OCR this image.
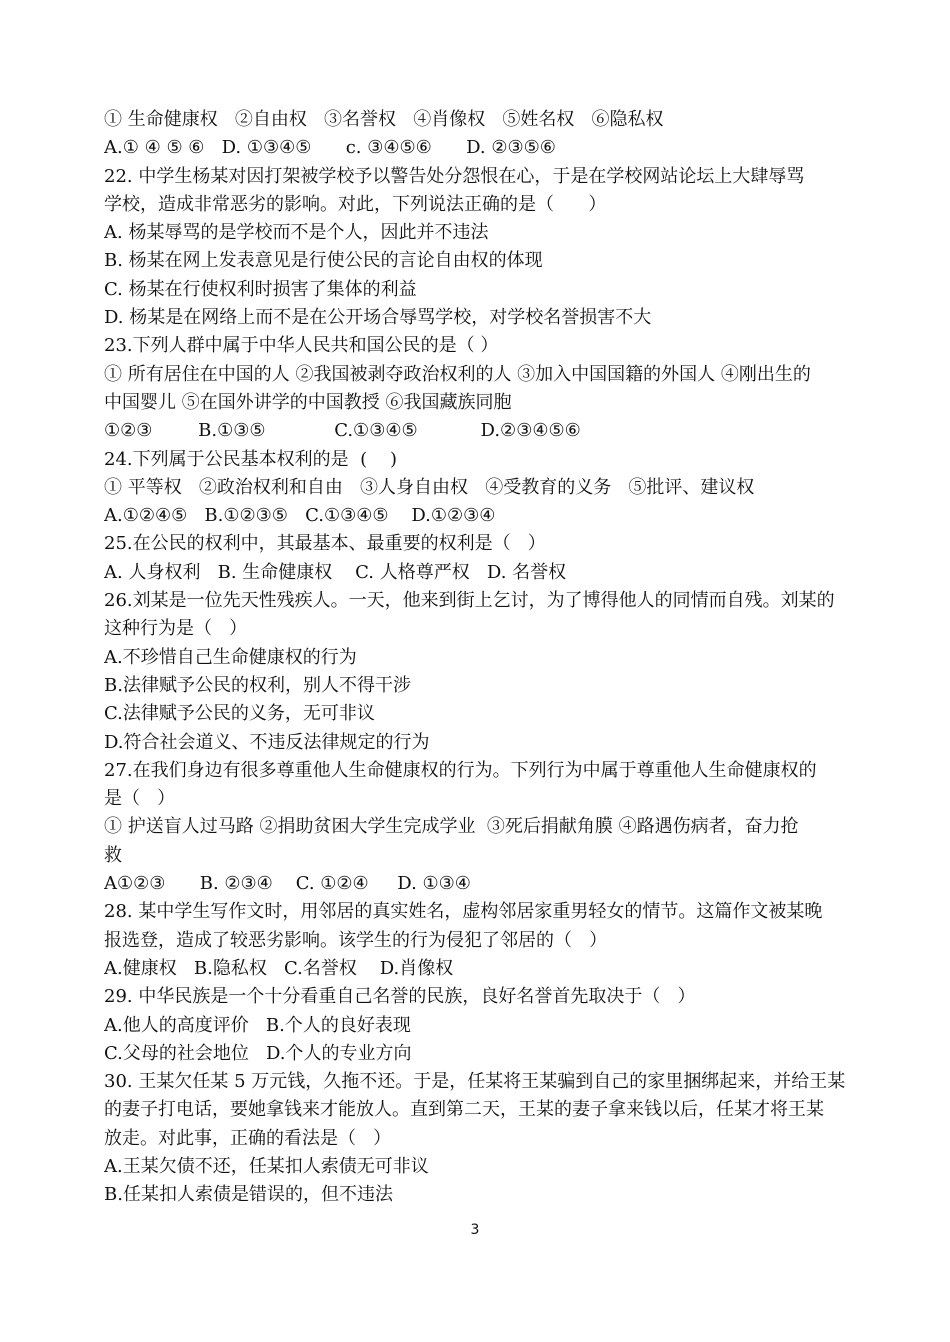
① 生命健康权   ②自由权   ③名誉权   ④肖像权   ⑤姓名权   ⑥隐私权
A.① ④ ⑤ ⑥   D. ①③④⑤      c. ③④⑤⑥      D. ②③⑤⑥
22. 中学生杨某对因打架被学校予以警告处分怨恨在心，于是在学校网站论坛上大肆辱骂
学校，造成非常恶劣的影响。对此，下列说法正确的是（      ）
A. 杨某辱骂的是学校而不是个人，因此并不违法
B. 杨某在网上发表意见是行使公民的言论自由权的体现
C. 杨某在行使权利时损害了集体的利益
D. 杨某是在网络上而不是在公开场合辱骂学校，对学校名誉损害不大
23.下列人群中属于中华人民共和国公民的是（ ）
① 所有居住在中国的人 ②我国被剥夺政治权利的人 ③加入中国国籍的外国人 ④刚出生的
中国婴儿 ⑤在国外讲学的中国教授 ⑥我国藏族同胞
①②③        B.①③⑤            C.①③④⑤           D.②③④⑤⑥
24.下列属于公民基本权利的是  (    )
① 平等权   ②政治权利和自由   ③人身自由权   ④受教育的义务   ⑤批评、建议权
A.①②④⑤   B.①②③⑤   C.①③④⑤    D.①②③④
25.在公民的权利中，其最基本、最重要的权利是（   ）
A. 人身权利   B. 生命健康权    C. 人格尊严权   D. 名誉权
26.刘某是一位先天性残疾人。一天，他来到街上乞讨，为了博得他人的同情而自残。刘某的
这种行为是（   ）
A.不珍惜自己生命健康权的行为
B.法律赋予公民的权利，别人不得干涉
C.法律赋予公民的义务，无可非议
D.符合社会道义、不违反法律规定的行为
27.在我们身边有很多尊重他人生命健康权的行为。下列行为中属于尊重他人生命健康权的
是（   ）
① 护送盲人过马路 ②捐助贫困大学生完成学业  ③死后捐献角膜 ④路遇伤病者，奋力抢
救
A①②③      B. ②③④    C. ①②④     D. ①③④
28. 某中学生写作文时，用邻居的真实姓名，虚构邻居家重男轻女的情节。这篇作文被某晚
报选登，造成了较恶劣影响。该学生的行为侵犯了邻居的（   ）
A.健康权   B.隐私权   C.名誉权    D.肖像权
29. 中华民族是一个十分看重自己名誉的民族，良好名誉首先取决于（   ）
A.他人的高度评价   B.个人的良好表现
C.父母的社会地位   D.个人的专业方向
30. 王某欠任某 5 万元钱，久拖不还。于是，任某将王某骗到自己的家里捆绑起来，并给王某
的妻子打电话，要她拿钱来才能放人。直到第二天，王某的妻子拿来钱以后，任某才将王某
放走。对此事，正确的看法是（   ）
A.王某欠债不还，任某扣人索债无可非议
B.任某扣人索债是错误的，但不违法
3
